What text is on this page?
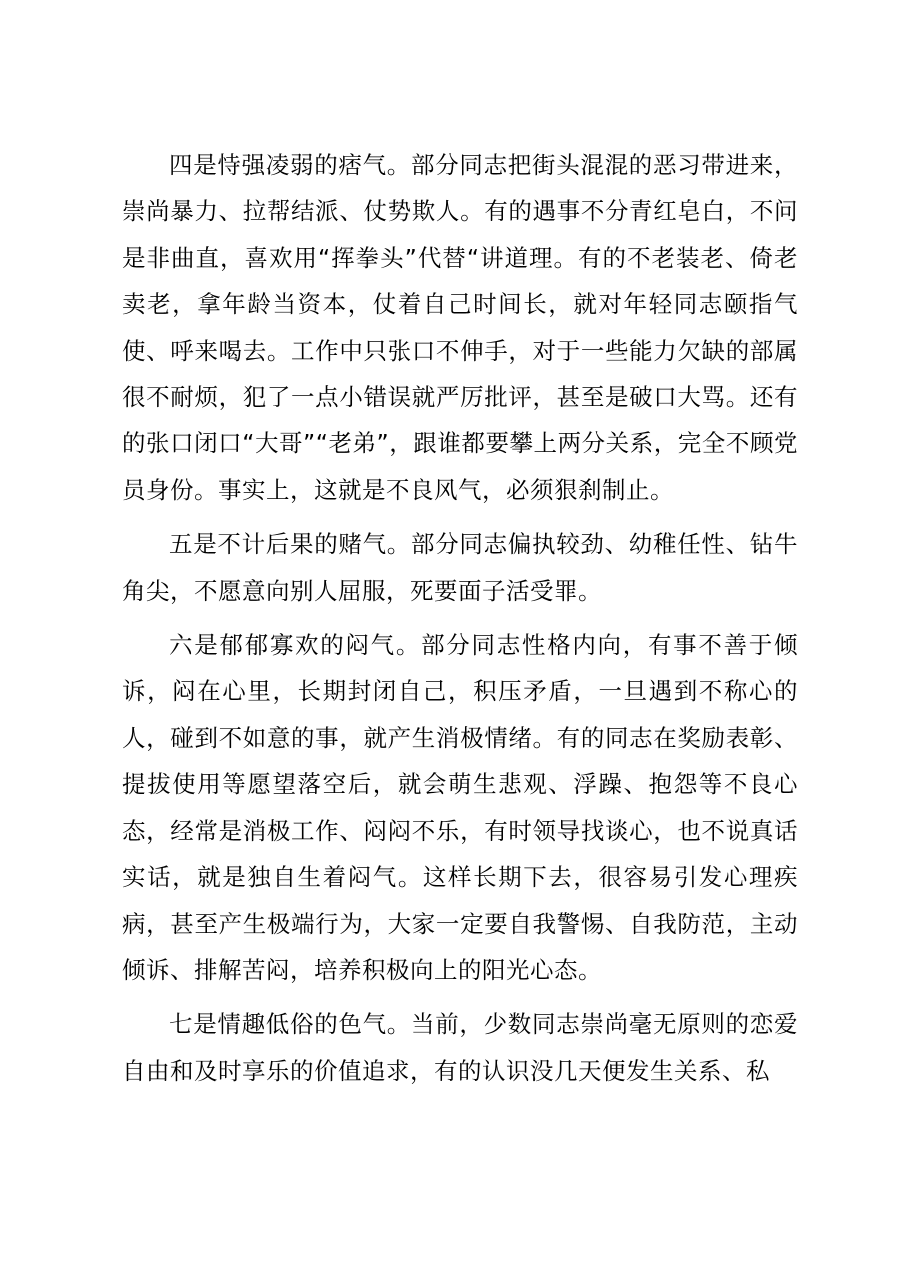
四是恃强凌弱的痞气。部分同志把街头混混的恶习带进来，崇尚暴力、拉帮结派、仗势欺人。有的遇事不分青红皂白，不问是非曲直，喜欢用“挥拳头”代替“讲道理。有的不老装老、倚老卖老，拿年龄当资本，仗着自己时间长，就对年轻同志颐指气使、呼来喝去。工作中只张口不伸手，对于一些能力欠缺的部属很不耐烦，犯了一点小错误就严厉批评，甚至是破口大骂。还有的张口闭口“大哥”“老弟”，跟谁都要攀上两分关系，完全不顾党员身份。事实上，这就是不良风气，必须狠刹制止。

五是不计后果的赌气。部分同志偏执较劲、幼稚任性、钻牛角尖，不愿意向别人屈服，死要面子活受罪。

六是郁郁寡欢的闷气。部分同志性格内向，有事不善于倾诉，闷在心里，长期封闭自己，积压矛盾，一旦遇到不称心的人，碰到不如意的事，就产生消极情绪。有的同志在奖励表彰、提拔使用等愿望落空后，就会萌生悲观、浮躁、抱怨等不良心态，经常是消极工作、闷闷不乐，有时领导找谈心，也不说真话实话，就是独自生着闷气。这样长期下去，很容易引发心理疾病，甚至产生极端行为，大家一定要自我警惕、自我防范，主动倾诉、排解苦闷，培养积极向上的阳光心态。

七是情趣低俗的色气。当前，少数同志崇尚毫无原则的恋爱自由和及时享乐的价值追求，有的认识没几天便发生关系、私
